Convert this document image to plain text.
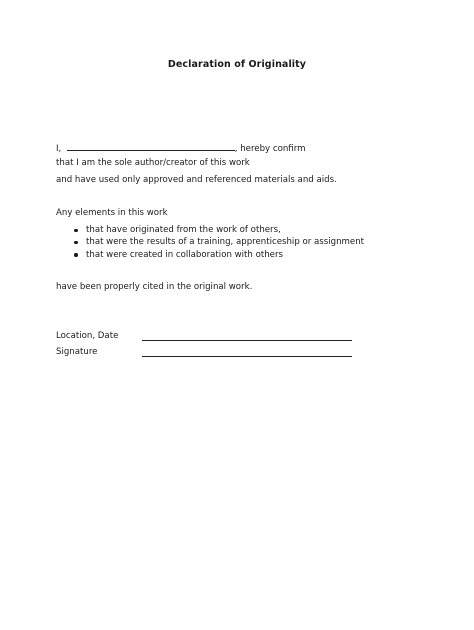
Declaration of Originality
I,	, hereby confirm
that I am the sole author/creator of this work
and have used only approved and referenced materials and aids.
Any elements in this work
that have originated from the work of others,
that were the results of a training, apprenticeship or assignment
that were created in collaboration with others
have been properly cited in the original work.
Location, Date
Signature
